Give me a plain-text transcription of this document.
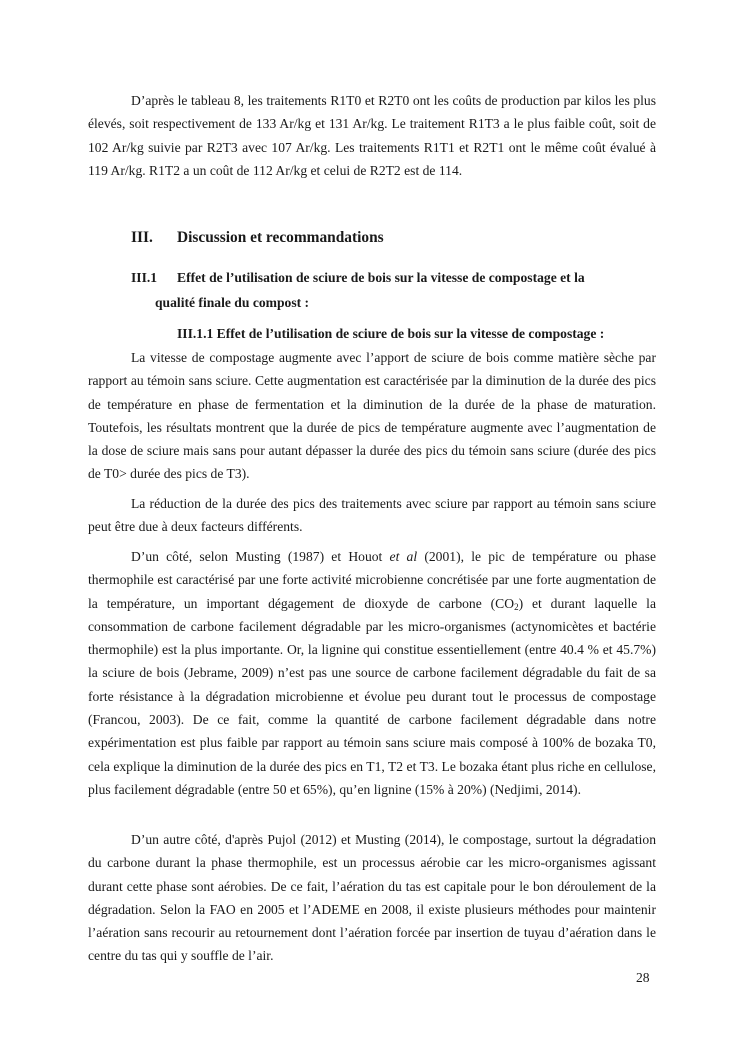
D’après le tableau 8, les traitements R1T0 et R2T0 ont les coûts de production par kilos les plus élevés, soit respectivement de 133 Ar/kg et 131 Ar/kg. Le traitement R1T3 a le plus faible coût, soit de 102 Ar/kg suivie par R2T3 avec 107 Ar/kg. Les traitements R1T1 et R2T1 ont le même coût évalué à 119 Ar/kg. R1T2 a un coût de 112 Ar/kg et celui de R2T2 est de 114.

III. Discussion et recommandations
III.1 Effet de l’utilisation de sciure de bois sur la vitesse de compostage et la
qualité finale du compost :
III.1.1 Effet de l’utilisation de sciure de bois sur la vitesse de compostage :

La vitesse de compostage augmente avec l’apport de sciure de bois comme matière sèche par rapport au témoin sans sciure. Cette augmentation est caractérisée par la diminution de la durée des pics de température en phase de fermentation et la diminution de la durée de la phase de maturation. Toutefois, les résultats montrent que la durée de pics de température augmente avec l’augmentation de la dose de sciure mais sans pour autant dépasser la durée des pics du témoin sans sciure (durée des pics de T0> durée des pics de T3).

La réduction de la durée des pics des traitements avec sciure par rapport au témoin sans sciure peut être due à deux facteurs différents.

D’un côté, selon Musting (1987) et Houot et al (2001), le pic de température ou phase thermophile est caractérisé par une forte activité microbienne concrétisée par une forte augmentation de la température, un important dégagement de dioxyde de carbone $(CO_2)$ et durant laquelle la consommation de carbone facilement dégradable par les micro-organismes (actynomicètes et bactérie thermophile) est la plus importante. Or, la lignine qui constitue essentiellement (entre 40.4 % et 45.7%) la sciure de bois (Jebrame, 2009) n’est pas une source de carbone facilement dégradable du fait de sa forte résistance à la dégradation microbienne et évolue peu durant tout le processus de compostage (Francou, 2003). De ce fait, comme la quantité de carbone facilement dégradable dans notre expérimentation est plus faible par rapport au témoin sans sciure mais composé à 100% de bozaka T0, cela explique la diminution de la durée des pics en T1, T2 et T3. Le bozaka étant plus riche en cellulose, plus facilement dégradable (entre 50 et 65%), qu’en lignine (15% à 20%) (Nedjimi, 2014).

D’un autre côté, d'après Pujol (2012) et Musting (2014), le compostage, surtout la dégradation du carbone durant la phase thermophile, est un processus aérobie car les micro-organismes agissant durant cette phase sont aérobies. De ce fait, l’aération du tas est capitale pour le bon déroulement de la dégradation. Selon la FAO en 2005 et l’ADEME en 2008, il existe plusieurs méthodes pour maintenir l’aération sans recourir au retournement dont l’aération forcée par insertion de tuyau d’aération dans le centre du tas qui y souffle de l’air.

28
